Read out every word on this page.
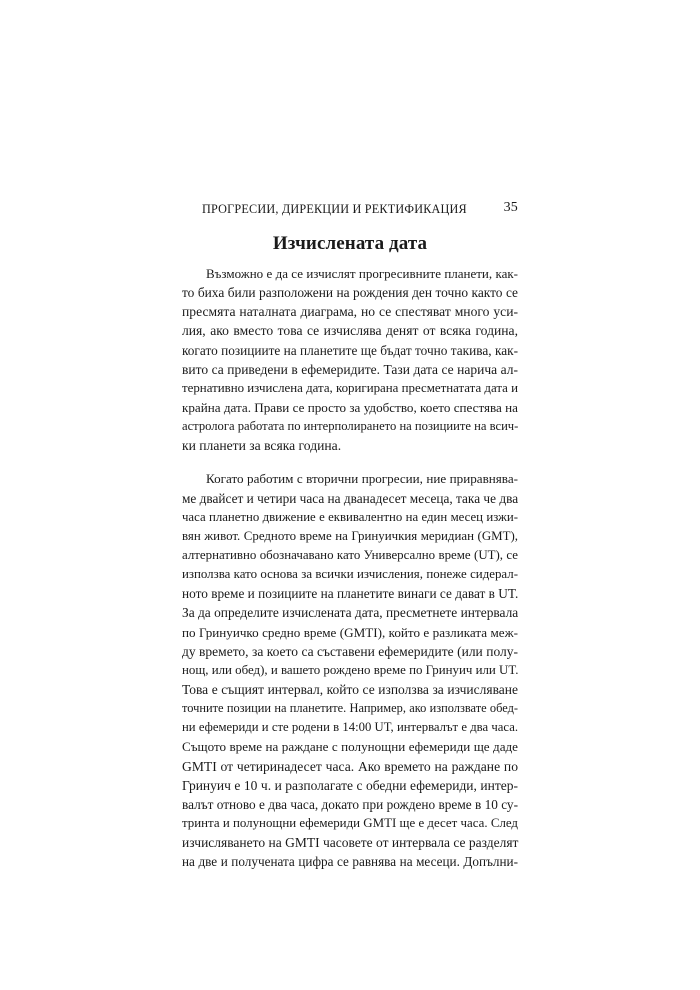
ПРОГРЕСИИ, ДИРЕКЦИИ И РЕКТИФИКАЦИЯ	35
Изчислената дата

Възможно е да се изчислят прогресивните планети, как-
то биха били разположени на рождения ден точно както се
пресмята наталната диаграма, но се спестяват много уси-
лия, ако вместо това се изчислява денят от всяка година,
когато позициите на планетите ще бъдат точно такива, как-
вито са приведени в ефемеридите. Тази дата се нарича ал-
тернативно изчислена дата, коригирана пресметнатата дата и
крайна дата. Прави се просто за удобство, което спестява на
астролога работата по интерполирането на позициите на всич-
ки планети за всяка година.

Когато работим с вторични прогресии, ние приравнява-
ме двайсет и четири часа на дванадесет месеца, така че два
часа планетно движение е еквивалентно на един месец изжи-
вян живот. Средното време на Гринуичкия меридиан (GMT),
алтернативно обозначавано като Универсално време (UT), се
използва като основа за всички изчисления, понеже сидерал-
ното време и позициите на планетите винаги се дават в UT.
За да определите изчислената дата, пресметнете интервала
по Гринуичко средно време (GMTI), който е разликата меж-
ду времето, за което са съставени ефемеридите (или полу-
нощ, или обед), и вашето рождено време по Гринуич или UT.
Това е същият интервал, който се използва за изчисляване
точните позиции на планетите. Например, ако използвате обед-
ни ефемериди и сте родени в 14:00 UT, интервалът е два часа.
Същото време на раждане с полунощни ефемериди ще даде
GMTI от четиринадесет часа. Ако времето на раждане по
Гринуич е 10 ч. и разполагате с обедни ефемериди, интер-
валът отново е два часа, докато при рождено време в 10 су-
тринта и полунощни ефемериди GMTI ще е десет часа. След
изчисляването на GMTI часовете от интервала се разделят
на две и получената цифра се равнява на месеци. Допълни-
